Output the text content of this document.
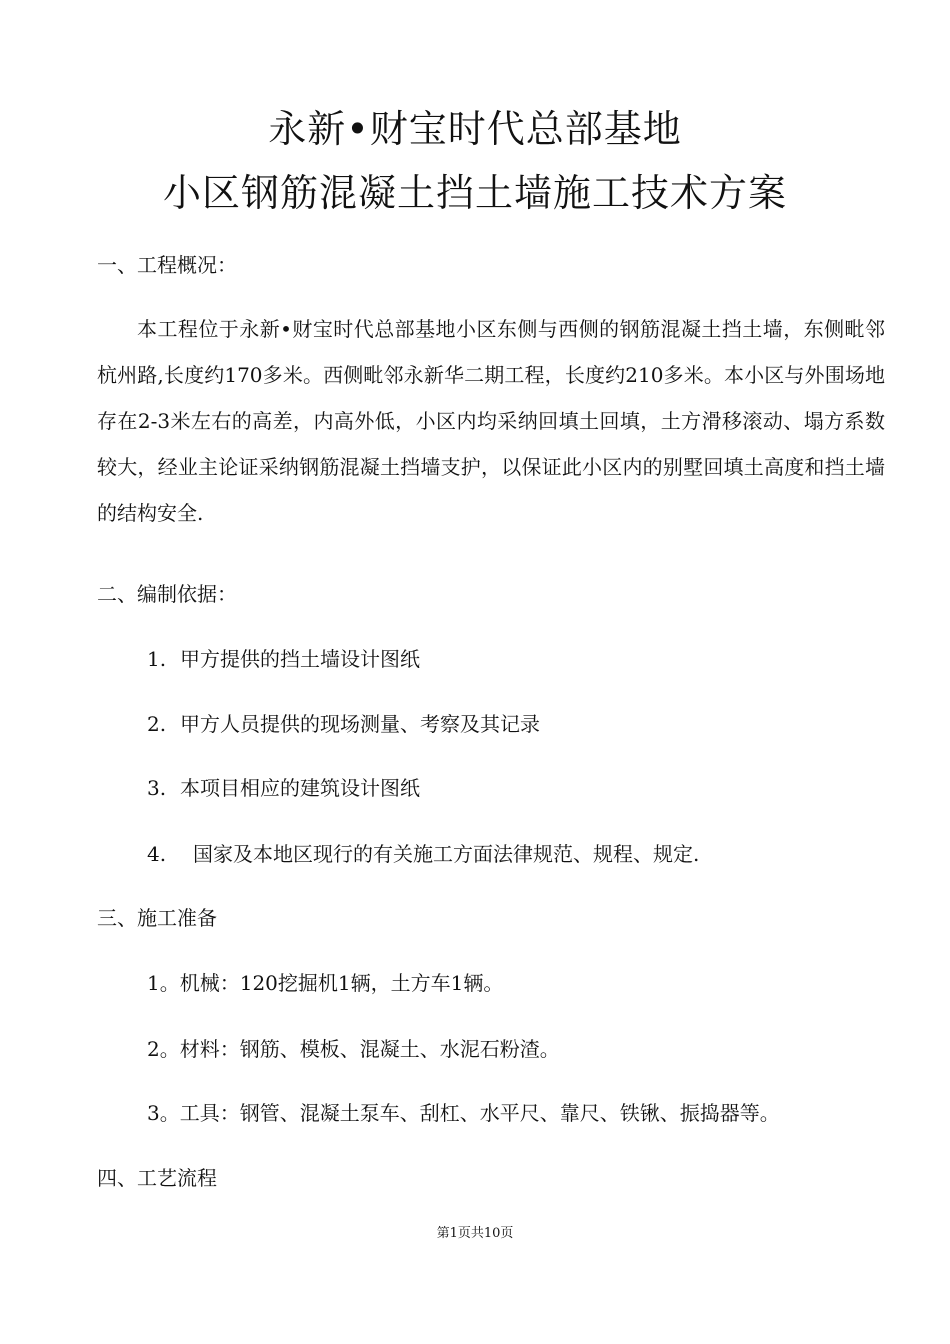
永新•财宝时代总部基地
小区钢筋混凝土挡土墙施工技术方案
一、工程概况：

本工程位于永新•财宝时代总部基地小区东侧与西侧的钢筋混凝土挡土墙，东侧毗邻杭州路,长度约170多米。西侧毗邻永新华二期工程，长度约210多米。本小区与外围场地存在2-3米左右的高差，内高外低，小区内均采纳回填土回填，土方滑移滚动、塌方系数较大，经业主论证采纳钢筋混凝土挡墙支护，以保证此小区内的别墅回填土高度和挡土墙的结构安全.

二、编制依据：
1. 甲方提供的挡土墙设计图纸
2. 甲方人员提供的现场测量、考察及其记录
3. 本项目相应的建筑设计图纸
4. 国家及本地区现行的有关施工方面法律规范、规程、规定.
三、施工准备
1。机械：120挖掘机1辆，土方车1辆。
2。材料：钢筋、模板、混凝土、水泥石粉渣。
3。工具：钢管、混凝土泵车、刮杠、水平尺、靠尺、铁锹、振捣器等。
四、工艺流程
第1页共10页
